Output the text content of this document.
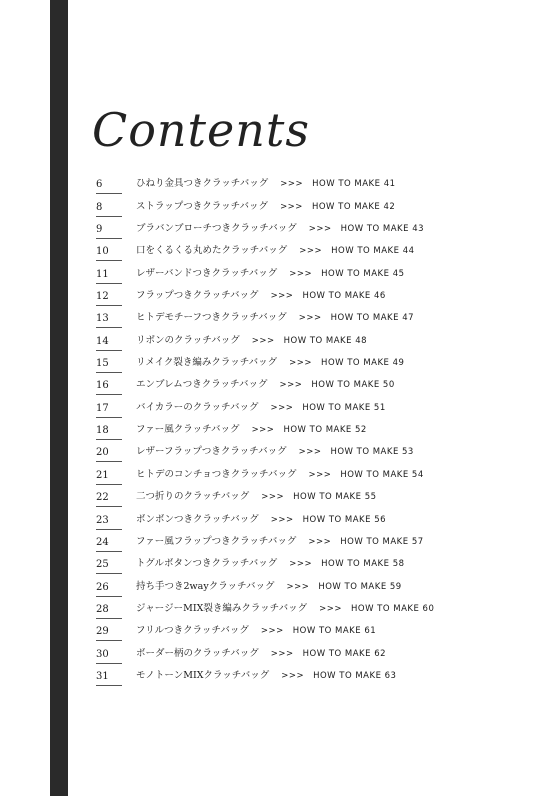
Contents
6	ひねり金具つきクラッチバッグ >>> HOW TO MAKE 41
8	ストラップつきクラッチバッグ >>> HOW TO MAKE 42
9	ブラバンブローチつきクラッチバッグ >>> HOW TO MAKE 43
10	口をくるくる丸めたクラッチバッグ >>> HOW TO MAKE 44
11	レザーバンドつきクラッチバッグ >>> HOW TO MAKE 45
12	フラップつきクラッチバッグ >>> HOW TO MAKE 46
13	ヒトデモチーフつきクラッチバッグ >>> HOW TO MAKE 47
14	リボンのクラッチバッグ >>> HOW TO MAKE 48
15	リメイク裂き編みクラッチバッグ >>> HOW TO MAKE 49
16	エンブレムつきクラッチバッグ >>> HOW TO MAKE 50
17	バイカラーのクラッチバッグ >>> HOW TO MAKE 51
18	ファー風クラッチバッグ >>> HOW TO MAKE 52
20	レザーフラップつきクラッチバッグ >>> HOW TO MAKE 53
21	ヒトデのコンチョつきクラッチバッグ >>> HOW TO MAKE 54
22	二つ折りのクラッチバッグ >>> HOW TO MAKE 55
23	ボンボンつきクラッチバッグ >>> HOW TO MAKE 56
24	ファー風フラップつきクラッチバッグ >>> HOW TO MAKE 57
25	トグルボタンつきクラッチバッグ >>> HOW TO MAKE 58
26	持ち手つき2wayクラッチバッグ >>> HOW TO MAKE 59
28	ジャージーMIX裂き編みクラッチバッグ >>> HOW TO MAKE 60
29	フリルつきクラッチバッグ >>> HOW TO MAKE 61
30	ボーダー柄のクラッチバッグ >>> HOW TO MAKE 62
31	モノトーンMIXクラッチバッグ >>> HOW TO MAKE 63
